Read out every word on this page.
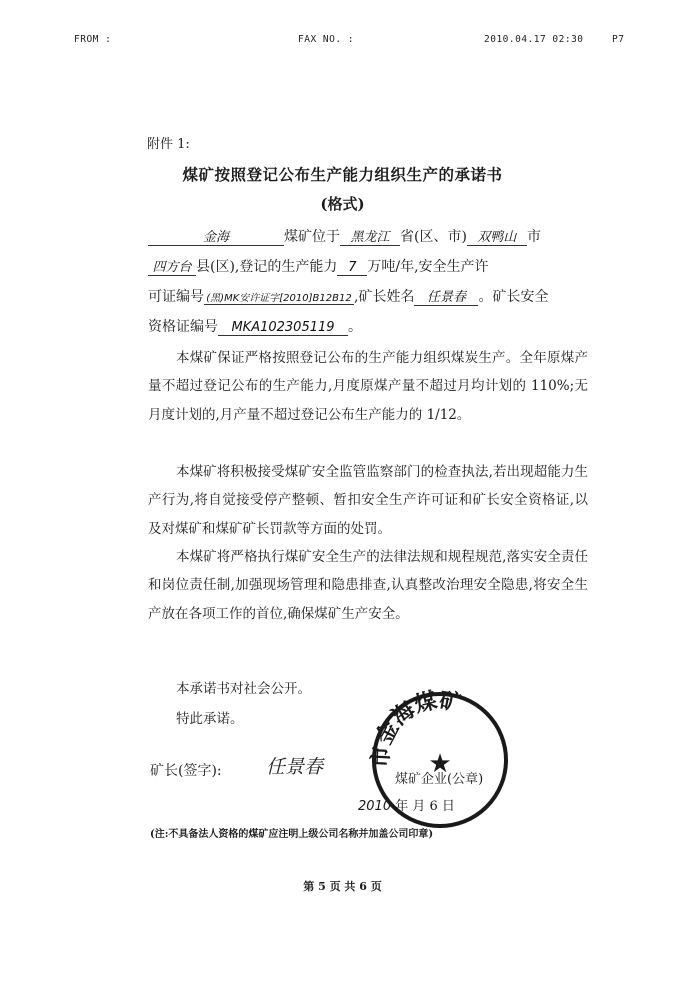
FROM :	FAX NO. :	2010.04.17 02:30	P7
附件 1:
煤矿按照登记公布生产能力组织生产的承诺书
(格式)
金海	煤矿位于 黑龙江 省(区、市) 双鸭山 市
四方台 县(区),登记的生产能力 7 万吨/年,安全生产许
可证编号 (黑)MK安许证字[2010]B12B12 ,矿长姓名 任景春 。矿长安全
资格证编号 MKA102305119 。
本煤矿保证严格按照登记公布的生产能力组织煤炭生产。全年原煤产量不超过登记公布的生产能力,月度原煤产量不超过月均计划的 110%;无月度计划的,月产量不超过登记公布生产能力的 1/12。
本煤矿将积极接受煤矿安全监管监察部门的检查执法,若出现超能力生产行为,将自觉接受停产整顿、暂扣安全生产许可证和矿长安全资格证,以及对煤矿和煤矿矿长罚款等方面的处罚。
本煤矿将严格执行煤矿安全生产的法律法规和规程规范,落实安全责任和岗位责任制,加强现场管理和隐患排查,认真整改治理安全隐患,将安全生产放在各项工作的首位,确保煤矿生产安全。
本承诺书对社会公开。
特此承诺。
市金海煤矿
★
矿长(签字): 任景春
煤矿企业(公章)
2010 年 月 6 日
(注:不具备法人资格的煤矿应注明上级公司名称并加盖公司印章)
第 5 页 共 6 页
